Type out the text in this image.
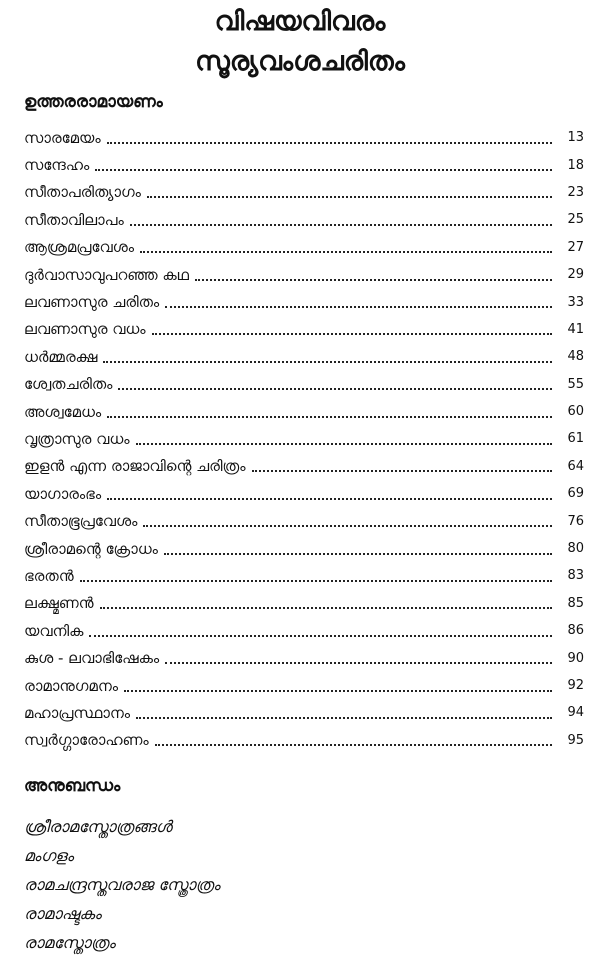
വിഷയവിവരം
സൂര്യവംശചരിതം
ഉത്തരരാമായണം
സാരമേയം	13
സന്ദേഹം	18
സീതാപരിത്യാഗം	23
സീതാവിലാപം	25
ആശ്രമപ്രവേശം	27
ദുർവാസാവുപറഞ്ഞ കഥ	29
ലവണാസുര ചരിതം	33
ലവണാസുര വധം	41
ധർമ്മരക്ഷ	48
ശ്വേതചരിതം	55
അശ്വമേധം	60
വൃത്രാസുര വധം	61
ഇളൻ എന്ന രാജാവിന്റെ ചരിത്രം	64
യാഗാരംഭം	69
സീതാഭൂപ്രവേശം	76
ശ്രീരാമന്റെ ക്രോധം	80
ഭരതൻ	83
ലക്ഷ്മണൻ	85
യവനിക	86
കുശ - ലവാഭിഷേകം	90
രാമാനുഗമനം	92
മഹാപ്രസ്ഥാനം	94
സ്വർഗ്ഗാരോഹണം	95
അനുബന്ധം
ശ്രീരാമസ്തോത്രങ്ങൾ
മംഗളം
രാമചന്ദ്രസ്തവരാജ സ്ത്രോത്രം
രാമാഷ്ടകം
രാമസ്തോത്രം
